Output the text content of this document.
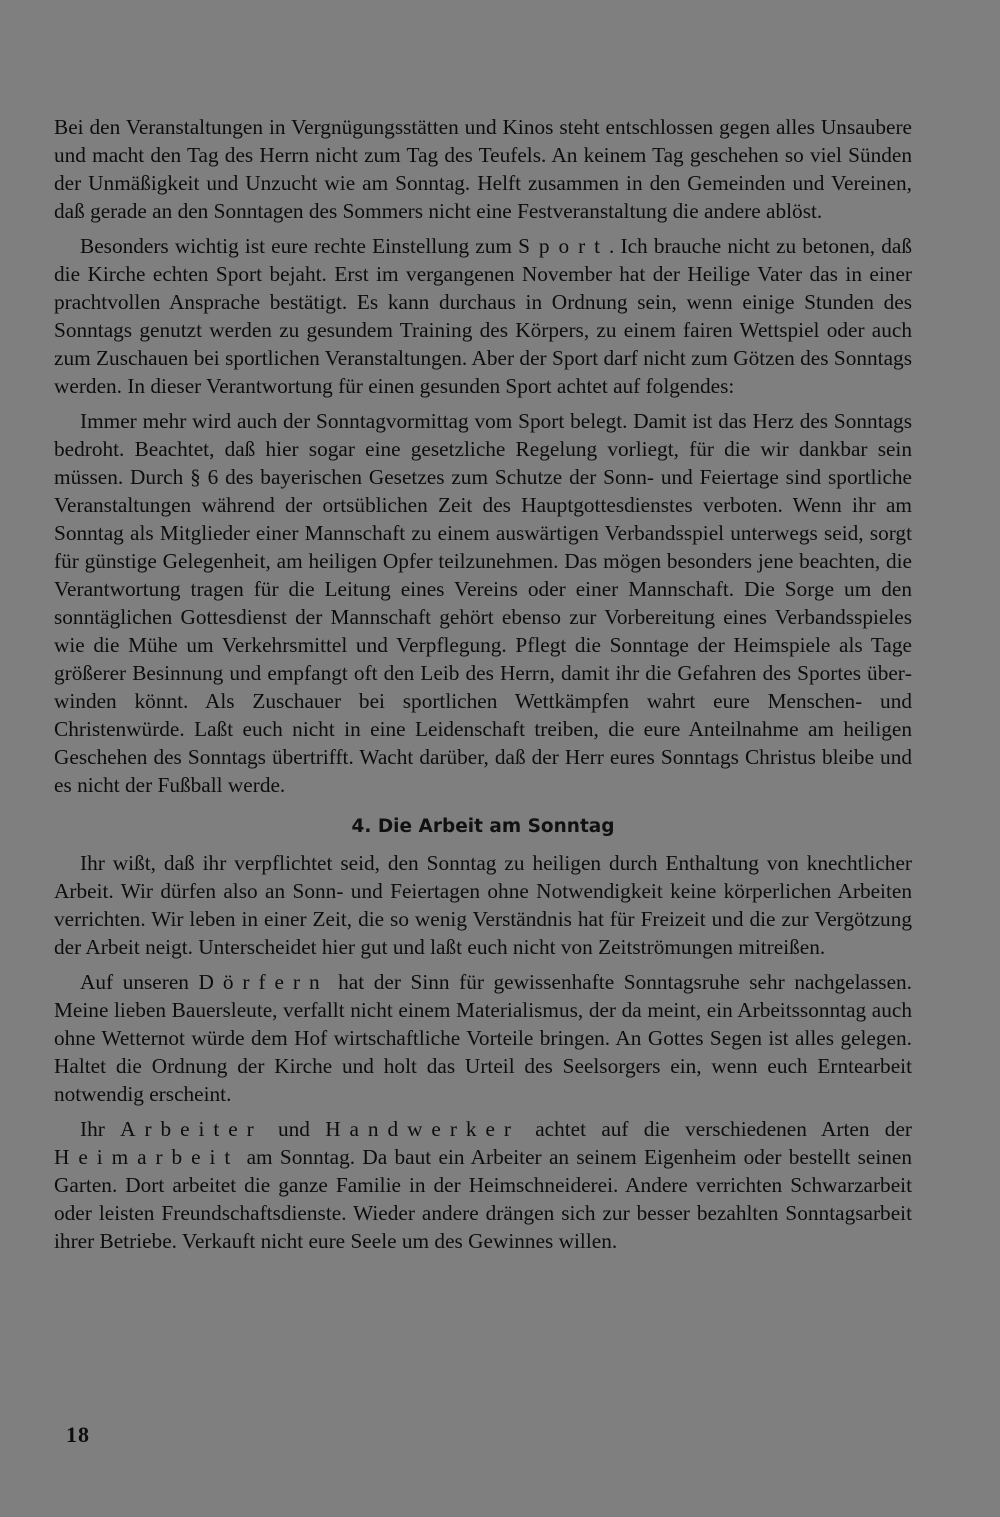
Bei den Veranstaltungen in Vergnügungsstätten und Kinos steht entschlossen gegen alles Unsaubere und macht den Tag des Herrn nicht zum Tag des Teufels. An keinem Tag geschehen so viel Sünden der Unmäßigkeit und Unzucht wie am Sonntag. Helft zusammen in den Gemeinden und Vereinen, daß gerade an den Sonntagen des Sommers nicht eine Festveranstaltung die andere ablöst.

Besonders wichtig ist eure rechte Einstellung zum Sport. Ich brauche nicht zu betonen, daß die Kirche echten Sport bejaht. Erst im vergangenen November hat der Heilige Vater das in einer prachtvollen Ansprache bestätigt. Es kann durchaus in Ordnung sein, wenn einige Stunden des Sonntags genutzt werden zu gesundem Training des Körpers, zu einem fairen Wettspiel oder auch zum Zuschauen bei sportlichen Veranstaltungen. Aber der Sport darf nicht zum Götzen des Sonntags werden. In dieser Verantwortung für einen gesunden Sport achtet auf folgendes:

Immer mehr wird auch der Sonntagvormittag vom Sport belegt. Damit ist das Herz des Sonntags bedroht. Beachtet, daß hier sogar eine gesetzliche Regelung vorliegt, für die wir dankbar sein müssen. Durch § 6 des bayerischen Gesetzes zum Schutze der Sonn- und Feiertage sind sportliche Veranstaltungen während der ortsüblichen Zeit des Hauptgottesdienstes verboten. Wenn ihr am Sonntag als Mitglieder einer Mannschaft zu einem auswärtigen Verbandsspiel unterwegs seid, sorgt für günstige Gelegenheit, am heiligen Opfer teilzunehmen. Das mögen besonders jene beachten, die Verantwortung tragen für die Leitung eines Vereins oder einer Mannschaft. Die Sorge um den sonntäglichen Gottesdienst der Mannschaft gehört ebenso zur Vorbereitung eines Verbandsspieles wie die Mühe um Verkehrsmittel und Verpflegung. Pflegt die Sonntage der Heimspiele als Tage größerer Besinnung und empfangt oft den Leib des Herrn, damit ihr die Gefahren des Sportes überwinden könnt. Als Zuschauer bei sportlichen Wettkämpfen wahrt eure Menschen- und Christenwürde. Laßt euch nicht in eine Leidenschaft treiben, die eure Anteilnahme am heiligen Geschehen des Sonntags übertrifft. Wacht darüber, daß der Herr eures Sonntags Christus bleibe und es nicht der Fußball werde.

4. Die Arbeit am Sonntag

Ihr wißt, daß ihr verpflichtet seid, den Sonntag zu heiligen durch Enthaltung von knechtlicher Arbeit. Wir dürfen also an Sonn- und Feiertagen ohne Notwendigkeit keine körperlichen Arbeiten verrichten. Wir leben in einer Zeit, die so wenig Verständnis hat für Freizeit und die zur Vergötzung der Arbeit neigt. Unterscheidet hier gut und laßt euch nicht von Zeitströmungen mitreißen.

Auf unseren Dörfern hat der Sinn für gewissenhafte Sonntagsruhe sehr nachgelassen. Meine lieben Bauersleute, verfallt nicht einem Materialismus, der da meint, ein Arbeitssonntag auch ohne Wetternot würde dem Hof wirtschaftliche Vorteile bringen. An Gottes Segen ist alles gelegen. Haltet die Ordnung der Kirche und holt das Urteil des Seelsorgers ein, wenn euch Erntearbeit notwendig erscheint.

Ihr Arbeiter und Handwerker achtet auf die verschiedenen Arten der Heimarbeit am Sonntag. Da baut ein Arbeiter an seinem Eigenheim oder bestellt seinen Garten. Dort arbeitet die ganze Familie in der Heimschneiderei. Andere verrichten Schwarzarbeit oder leisten Freundschaftsdienste. Wieder andere drängen sich zur besser bezahlten Sonntagsarbeit ihrer Betriebe. Verkauft nicht eure Seele um des Gewinnes willen.

18
